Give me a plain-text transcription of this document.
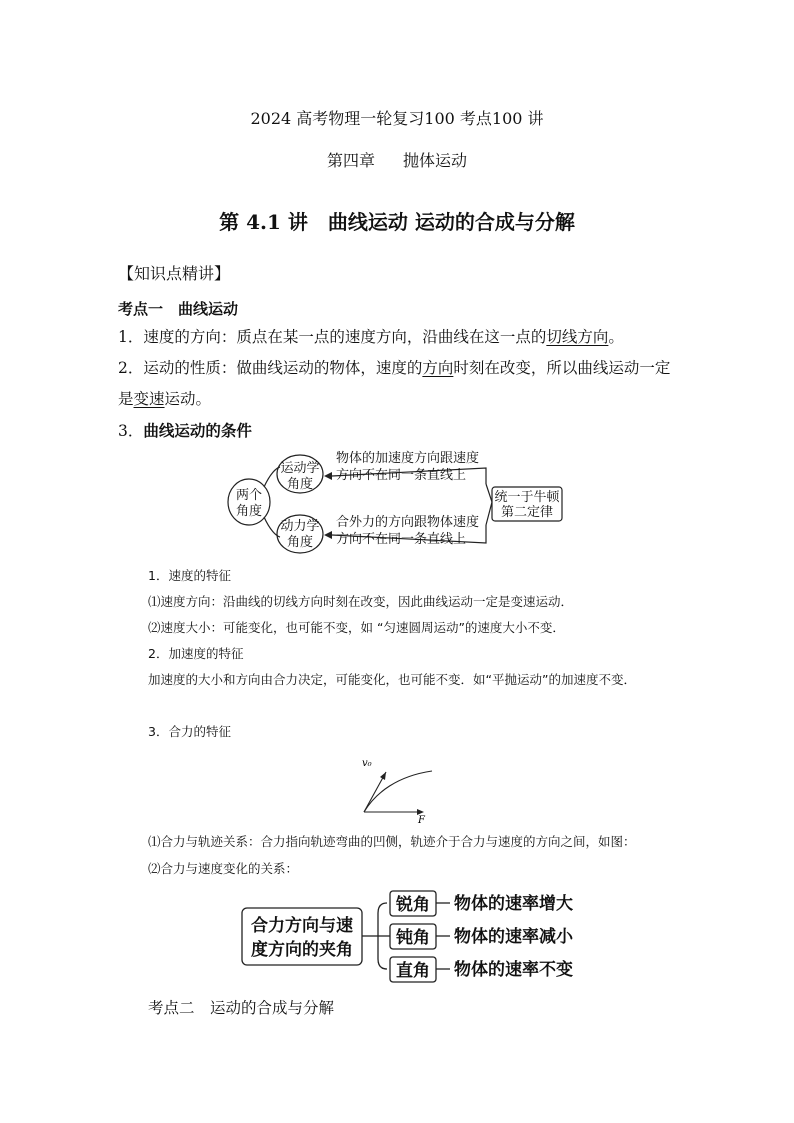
2024 高考物理一轮复习100 考点100 讲
第四章 抛体运动
第 4.1 讲　曲线运动 运动的合成与分解
【知识点精讲】
考点一　曲线运动
1．速度的方向：质点在某一点的速度方向，沿曲线在这一点的切线方向。
2．运动的性质：做曲线运动的物体，速度的方向时刻在改变，所以曲线运动一定是变速运动。
3．曲线运动的条件
两个
角度
运动学
角度
动力学
角度
物体的加速度方向跟速度
方向不在同一条直线上
合外力的方向跟物体速度
方向不在同一条直线上
统一于牛顿
第二定律
1．速度的特征
⑴速度方向：沿曲线的切线方向时刻在改变，因此曲线运动一定是变速运动．
⑵速度大小：可能变化，也可能不变，如 “匀速圆周运动”的速度大小不变．
2．加速度的特征
加速度的大小和方向由合力决定，可能变化，也可能不变．如“平抛运动”的加速度不变．
3．合力的特征
v₀
F
⑴合力与轨迹关系：合力指向轨迹弯曲的凹侧，轨迹介于合力与速度的方向之间，如图：
⑵合力与速度变化的关系：
合力方向与速
度方向的夹角
锐角
钝角
直角
物体的速率增大
物体的速率减小
物体的速率不变
考点二　运动的合成与分解
